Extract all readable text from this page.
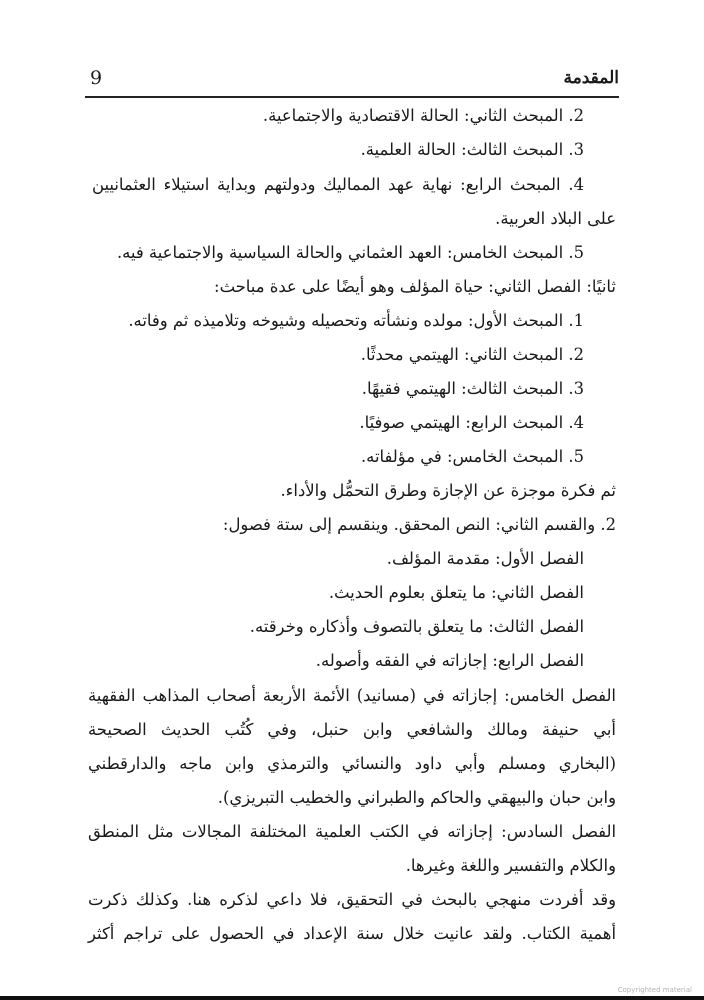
9	المقدمة
2. المبحث الثاني: الحالة الاقتصادية والاجتماعية.
3. المبحث الثالث: الحالة العلمية.
4. المبحث الرابع: نهاية عهد المماليك ودولتهم وبداية استيلاء العثمانيين
على البلاد العربية.
5. المبحث الخامس: العهد العثماني والحالة السياسية والاجتماعية فيه.
ثانيًا: الفصل الثاني: حياة المؤلف وهو أيضًا على عدة مباحث:
1. المبحث الأول: مولده ونشأته وتحصيله وشيوخه وتلاميذه ثم وفاته.
2. المبحث الثاني: الهيتمي محدثًا.
3. المبحث الثالث: الهيتمي فقيهًا.
4. المبحث الرابع: الهيتمي صوفيًا.
5. المبحث الخامس: في مؤلفاته.
ثم فكرة موجزة عن الإجازة وطرق التحمُّل والأداء.
2. والقسم الثاني: النص المحقق. وينقسم إلى ستة فصول:
الفصل الأول: مقدمة المؤلف.
الفصل الثاني: ما يتعلق بعلوم الحديث.
الفصل الثالث: ما يتعلق بالتصوف وأذكاره وخرقته.
الفصل الرابع: إجازاته في الفقه وأصوله.
الفصل الخامس: إجازاته في (مسانيد) الأئمة الأربعة أصحاب المذاهب الفقهية
أبي حنيفة ومالك والشافعي وابن حنبل، وفي كُتُب الحديث الصحيحة
(البخاري ومسلم وأبي داود والنسائي والترمذي وابن ماجه والدارقطني
وابن حبان والبيهقي والحاكم والطبراني والخطيب التبريزي).
الفصل السادس: إجازاته في الكتب العلمية المختلفة المجالات مثل المنطق
والكلام والتفسير واللغة وغيرها.
وقد أفردت منهجي بالبحث في التحقيق، فلا داعي لذكره هنا. وكذلك ذكرت
أهمية الكتاب. ولقد عانيت خلال سنة الإعداد في الحصول على تراجم أكثر
Copyrighted material
